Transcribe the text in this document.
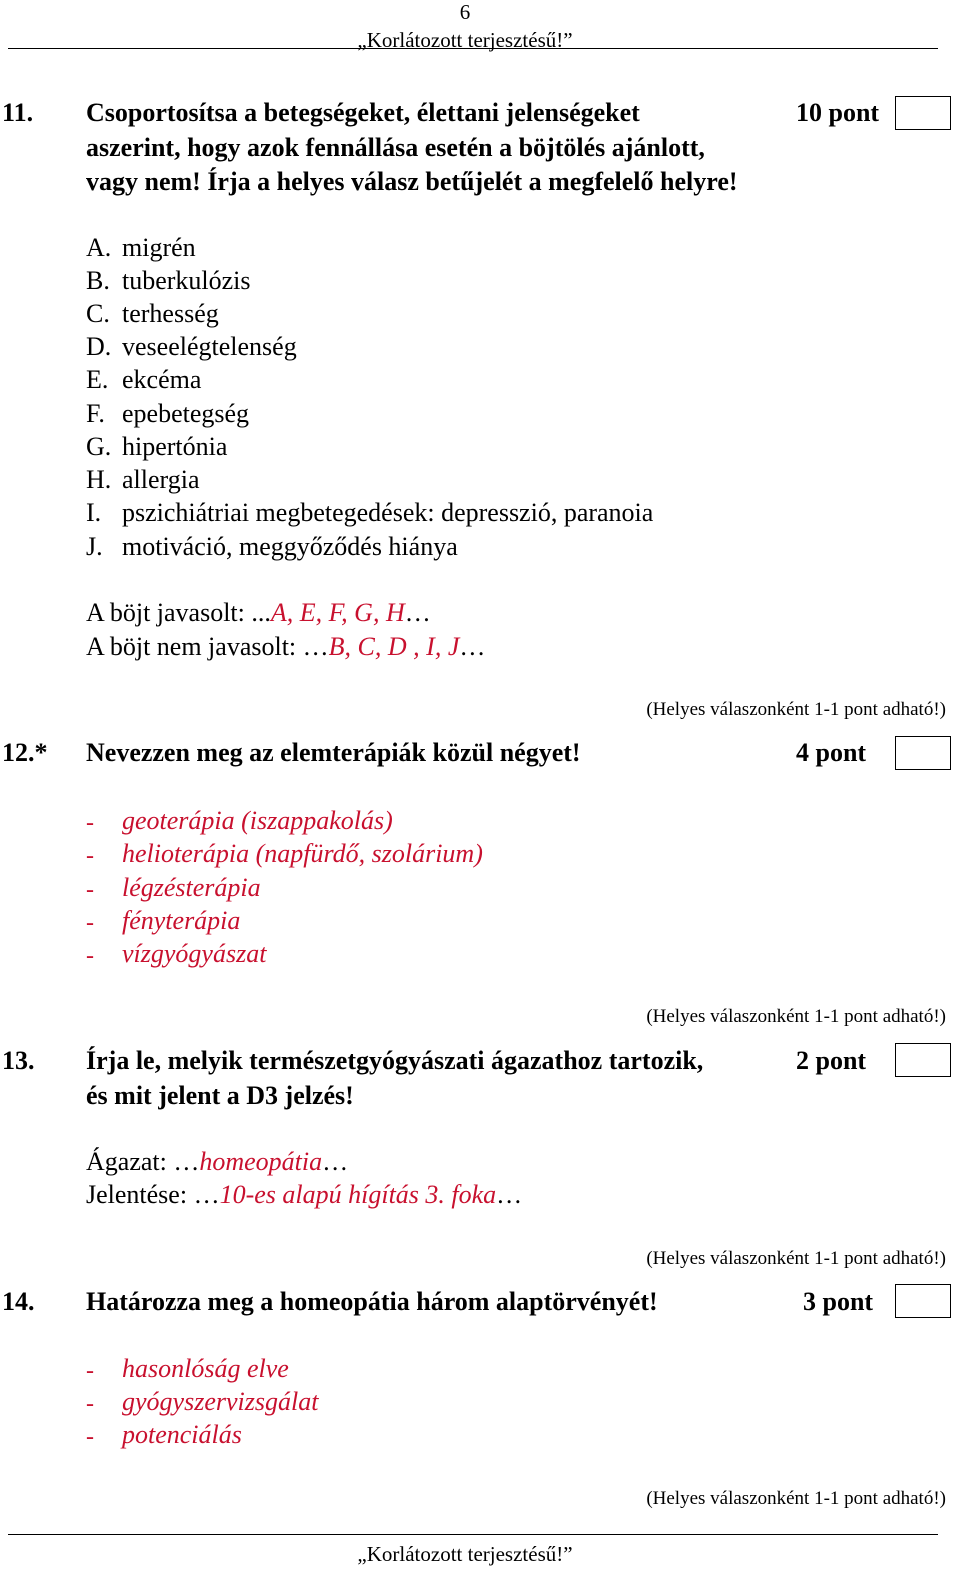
6
„Korlátozott terjesztésű!”
11. Csoportosítsa a betegségeket, élettani jelenségeket
aszerint, hogy azok fennállása esetén a böjtölés ajánlott,
vagy nem! Írja a helyes válasz betűjelét a megfelelő helyre!
10 pont
A. migrén
B. tuberkulózis
C. terhesség
D. veseelégtelenség
E. ekcéma
F. epebetegség
G. hipertónia
H. allergia
I. pszichiátriai megbetegedések: depresszió, paranoia
J. motiváció, meggyőződés hiánya
A böjt javasolt: ...A, E, F, G, H…
A böjt nem javasolt: …B, C, D , I, J…
(Helyes válaszonként 1-1 pont adható!)
12.* Nevezzen meg az elemterápiák közül négyet!	4 pont
- geoterápia (iszappakolás)
- helioterápia (napfürdő, szolárium)
- légzésterápia
- fényterápia
- vízgyógyászat
(Helyes válaszonként 1-1 pont adható!)
13. Írja le, melyik természetgyógyászati ágazathoz tartozik,
és mit jelent a D3 jelzés!
2 pont
Ágazat: …homeopátia…
Jelentése: …10-es alapú hígítás 3. foka…
(Helyes válaszonként 1-1 pont adható!)
14. Határozza meg a homeopátia három alaptörvényét!	3 pont
- hasonlóság elve
- gyógyszervizsgálat
- potenciálás
(Helyes válaszonként 1-1 pont adható!)
„Korlátozott terjesztésű!”
